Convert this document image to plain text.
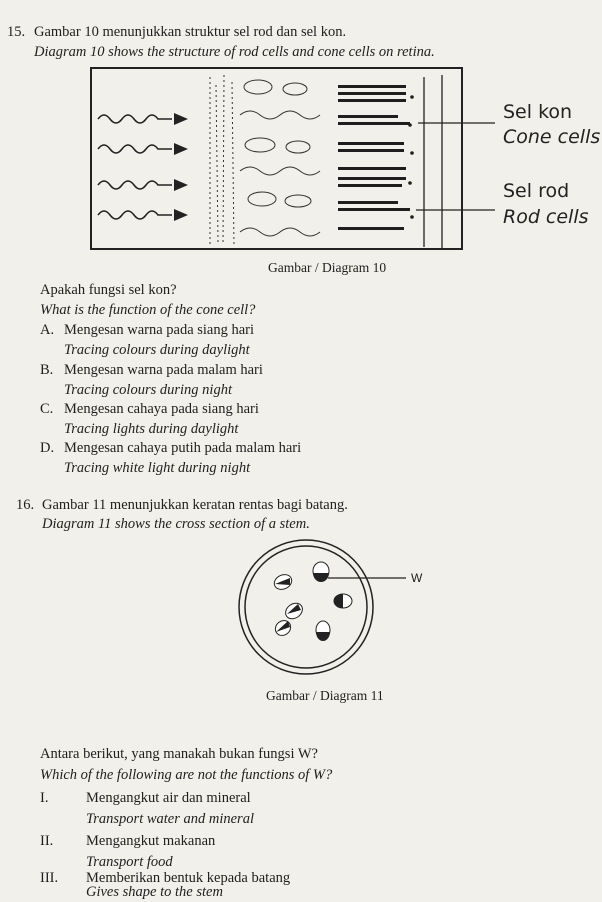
15. Gambar 10 menunjukkan struktur sel rod dan sel kon.
Diagram 10 shows the structure of rod cells and cone cells on retina.
Sel kon
Cone cells
Sel rod
Rod cells
Gambar / Diagram 10
Apakah fungsi sel kon?
What is the function of the cone cell?
A. Mengesan warna pada siang hari
Tracing colours during daylight
B. Mengesan warna pada malam hari
Tracing colours during night
C. Mengesan cahaya pada siang hari
Tracing lights during daylight
D. Mengesan cahaya putih pada malam hari
Tracing white light during night
16. Gambar 11 menunjukkan keratan rentas bagi batang.
Diagram 11 shows the cross section of a stem.
W
Gambar / Diagram 11
Antara berikut, yang manakah bukan fungsi W?
Which of the following are not the functions of W?
I.	Mengangkut air dan mineral
Transport water and mineral
II. Mengangkut makanan
Transport food
III. Memberikan bentuk kepada batang
Gives shape to the stem
